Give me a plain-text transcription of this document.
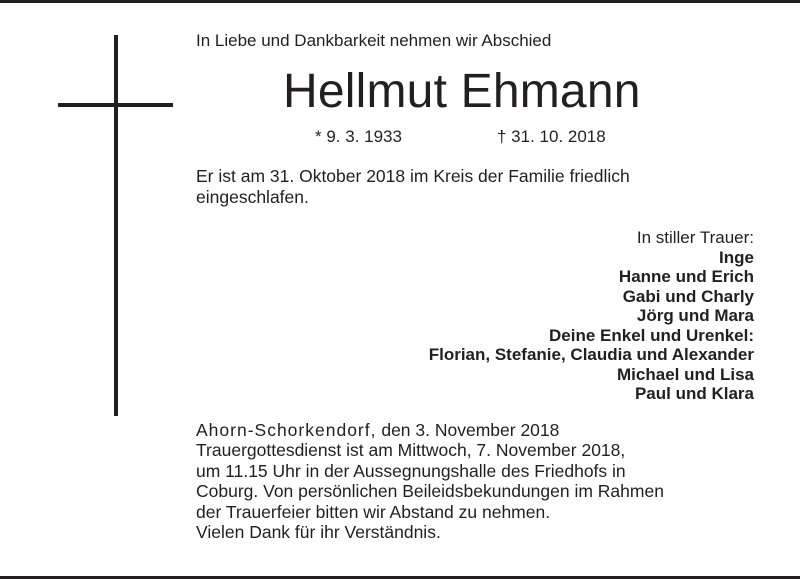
In Liebe und Dankbarkeit nehmen wir Abschied
Hellmut Ehmann
* 9. 3. 1933	† 31. 10. 2018
Er ist am 31. Oktober 2018 im Kreis der Familie friedlich eingeschlafen.
In stiller Trauer:
Inge
Hanne und Erich
Gabi und Charly
Jörg und Mara
Deine Enkel und Urenkel:
Florian, Stefanie, Claudia und Alexander
Michael und Lisa
Paul und Klara
Ahorn-Schorkendorf, den 3. November 2018
Trauergottesdienst ist am Mittwoch, 7. November 2018,
um 11.15 Uhr in der Aussegnungshalle des Friedhofs in
Coburg. Von persönlichen Beileidsbekundungen im Rahmen
der Trauerfeier bitten wir Abstand zu nehmen.
Vielen Dank für ihr Verständnis.
